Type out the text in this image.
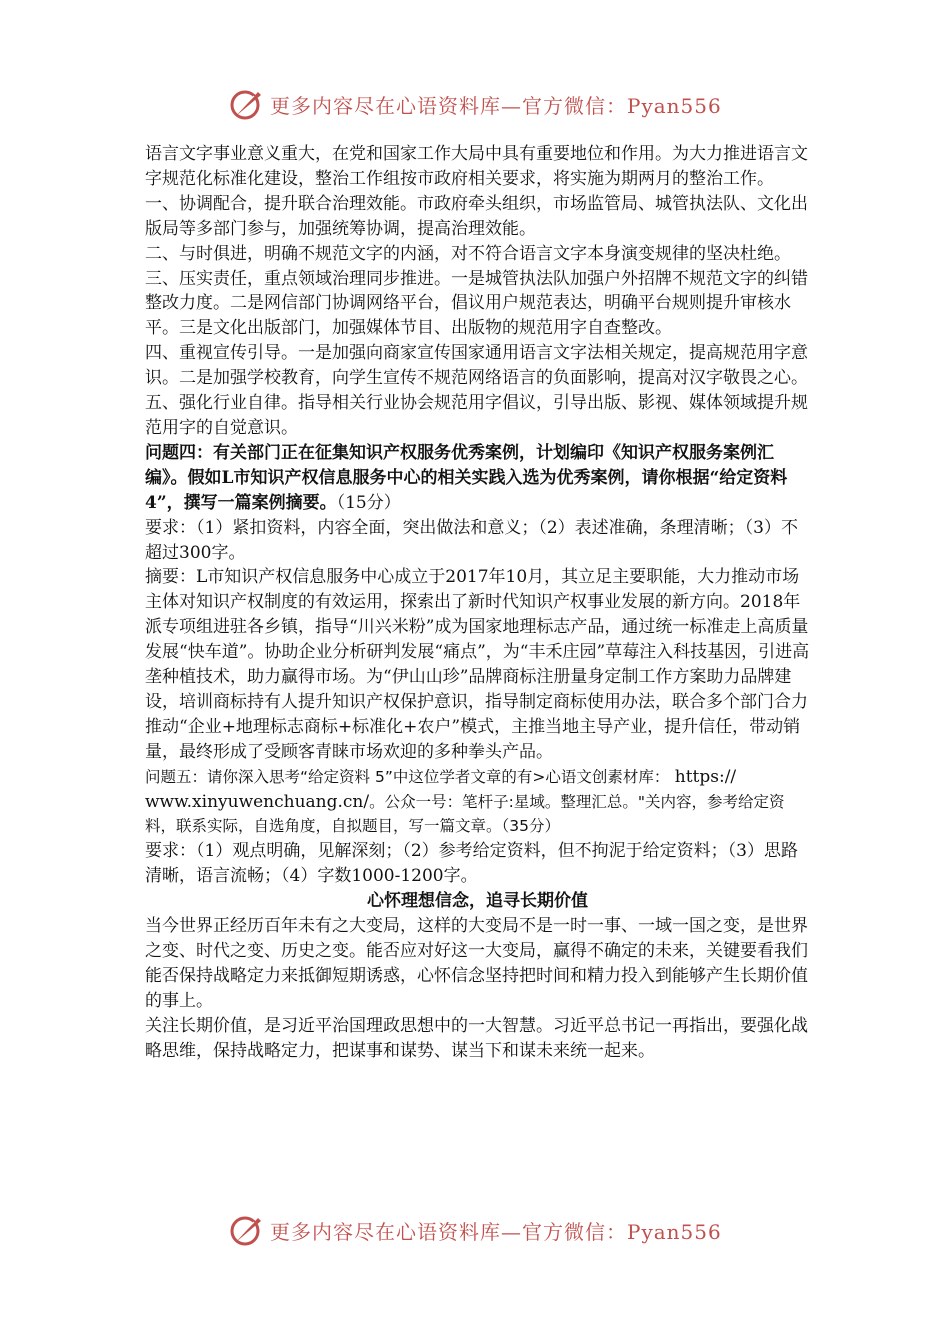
更多内容尽在心语资料库—官方微信：Pyan556

语言文字事业意义重大，在党和国家工作大局中具有重要地位和作用。为大力推进语言文字规范化标准化建设，整治工作组按市政府相关要求，将实施为期两月的整治工作。

一、协调配合，提升联合治理效能。市政府牵头组织，市场监管局、城管执法队、文化出版局等多部门参与，加强统筹协调，提高治理效能。

二、与时俱进，明确不规范文字的内涵，对不符合语言文字本身演变规律的坚决杜绝。

三、压实责任，重点领域治理同步推进。一是城管执法队加强户外招牌不规范文字的纠错整改力度。二是网信部门协调网络平台，倡议用户规范表达，明确平台规则提升审核水平。三是文化出版部门，加强媒体节目、出版物的规范用字自查整改。

四、重视宣传引导。一是加强向商家宣传国家通用语言文字法相关规定，提高规范用字意识。二是加强学校教育，向学生宣传不规范网络语言的负面影响，提高对汉字敬畏之心。

五、强化行业自律。指导相关行业协会规范用字倡议，引导出版、影视、媒体领域提升规范用字的自觉意识。

问题四：有关部门正在征集知识产权服务优秀案例，计划编印《知识产权服务案例汇编》。假如L市知识产权信息服务中心的相关实践入选为优秀案例，请你根据“给定资料4”，撰写一篇案例摘要。（15分）

要求：（1）紧扣资料，内容全面，突出做法和意义；（2）表述准确，条理清晰；（3）不超过300字。

摘要：L市知识产权信息服务中心成立于2017年10月，其立足主要职能，大力推动市场主体对知识产权制度的有效运用，探索出了新时代知识产权事业发展的新方向。2018年派专项组进驻各乡镇，指导“川兴米粉”成为国家地理标志产品，通过统一标准走上高质量发展“快车道”。协助企业分析研判发展“痛点”，为“丰禾庄园”草莓注入科技基因，引进高垄种植技术，助力赢得市场。为“伊山山珍”品牌商标注册量身定制工作方案助力品牌建设，培训商标持有人提升知识产权保护意识，指导制定商标使用办法，联合多个部门合力推动“企业+地理标志商标+标准化+农户”模式，主推当地主导产业，提升信任，带动销量，最终形成了受顾客青睐市场欢迎的多种拳头产品。

问题五：请你深入思考“给定资料 5”中这位学者文章的有>心语文创素材库： https://
www.xinyuwenchuang.cn/。公众一号：笔杆子:星域。整理汇总。"关内容，参考给定资料，联系实际，自选角度，自拟题目，写一篇文章。（35分）

要求：（1）观点明确，见解深刻；（2）参考给定资料，但不拘泥于给定资料；（3）思路清晰，语言流畅；（4）字数1000-1200字。

心怀理想信念，追寻长期价值

当今世界正经历百年未有之大变局，这样的大变局不是一时一事、一域一国之变，是世界之变、时代之变、历史之变。能否应对好这一大变局，赢得不确定的未来，关键要看我们能否保持战略定力来抵御短期诱惑，心怀信念坚持把时间和精力投入到能够产生长期价值的事上。

关注长期价值，是习近平治国理政思想中的一大智慧。习近平总书记一再指出，要强化战略思维，保持战略定力，把谋事和谋势、谋当下和谋未来统一起来。

更多内容尽在心语资料库—官方微信：Pyan556
